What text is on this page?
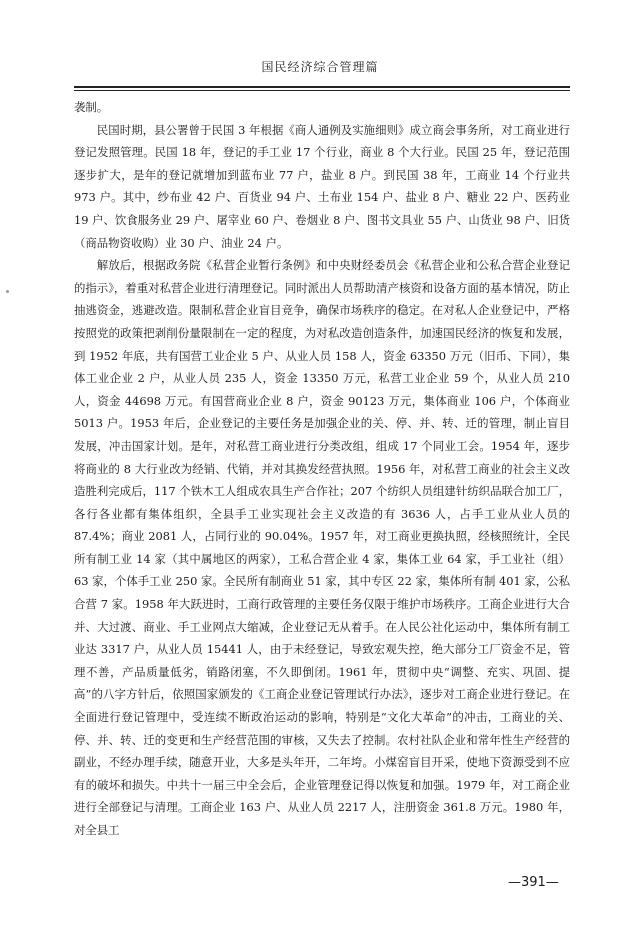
国民经济综合管理篇

袭制。

民国时期，县公署曾于民国 3 年根据《商人通例及实施细则》成立商会事务所，对工商业进行登记发照管理。民国 18 年，登记的手工业 17 个行业，商业 8 个大行业。民国 25 年，登记范围逐步扩大，是年的登记就增加到蓝布业 77 户，盐业 8 户。到民国 38 年，工商业 14 个行业共 973 户。其中，纱布业 42 户、百货业 94 户、土布业 154 户、盐业 8 户、糖业 22 户、医药业 19 户、饮食服务业 29 户、屠宰业 60 户、卷烟业 8 户、图书文具业 55 户、山货业 98 户、旧货（商品物资收购）业 30 户、油业 24 户。

解放后，根据政务院《私营企业暂行条例》和中央财经委员会《私营企业和公私合营企业登记的指示》，着重对私营企业进行清理登记。同时派出人员帮助清产核资和设备方面的基本情况，防止抽逃资金，逃避改造。限制私营企业盲目竞争，确保市场秩序的稳定。在对私人企业登记中，严格按照党的政策把剥削份量限制在一定的程度，为对私改造创造条件，加速国民经济的恢复和发展，到 1952 年底，共有国营工业企业 5 户、从业人员 158 人，资金 63350 万元（旧币、下同），集体工业企业 2 户，从业人员 235 人，资金 13350 万元，私营工业企业 59 个，从业人员 210 人，资金 44698 万元。有国营商业企业 8 户，资金 90123 万元，集体商业 106 户，个体商业 5013 户。1953 年后，企业登记的主要任务是加强企业的关、停、并、转、迁的管理，制止盲目发展，冲击国家计划。是年，对私营工商业进行分类改组，组成 17 个同业工会。1954 年，逐步将商业的 8 大行业改为经销、代销，并对其换发经营执照。1956 年，对私营工商业的社会主义改造胜利完成后，117 个铁木工人组成农具生产合作社；207 个纺织人员组建针纺织品联合加工厂，各行各业都有集体组织，全县手工业实现社会主义改造的有 3636 人，占手工业从业人员的 87.4%；商业 2081 人，占同行业的 90.04%。1957 年，对工商业更换执照，经核照统计，全民所有制工业 14 家（其中属地区的两家），工私合营企业 4 家，集体工业 64 家，手工业社（组）63 家，个体手工业 250 家。全民所有制商业 51 家，其中专区 22 家，集体所有制 401 家，公私合营 7 家。1958 年大跃进时，工商行政管理的主要任务仅限于维护市场秩序。工商企业进行大合并、大过渡、商业、手工业网点大缩减，企业登记无从着手。在人民公社化运动中，集体所有制工业达 3317 户，从业人员 15441 人，由于未经登记，导致宏观失控，绝大部分工厂资金不足，管理不善，产品质量低劣，销路闭塞，不久即倒闭。1961 年，贯彻中央“调整、充实、巩固、提高”的八字方针后，依照国家颁发的《工商企业登记管理试行办法》，逐步对工商企业进行登记。在全面进行登记管理中，受连续不断政治运动的影响，特别是“文化大革命”的冲击，工商业的关、停、并、转、迁的变更和生产经营范围的审核，又失去了控制。农村社队企业和常年性生产经营的副业，不经办理手续，随意开业，大多是头年开，二年垮。小煤窑盲目开采，使地下资源受到不应有的破坏和损失。中共十一届三中全会后，企业管理登记得以恢复和加强。1979 年，对工商企业进行全部登记与清理。工商企业 163 户、从业人员 2217 人，注册资金 361.8 万元。1980 年，对全县工

—391—
